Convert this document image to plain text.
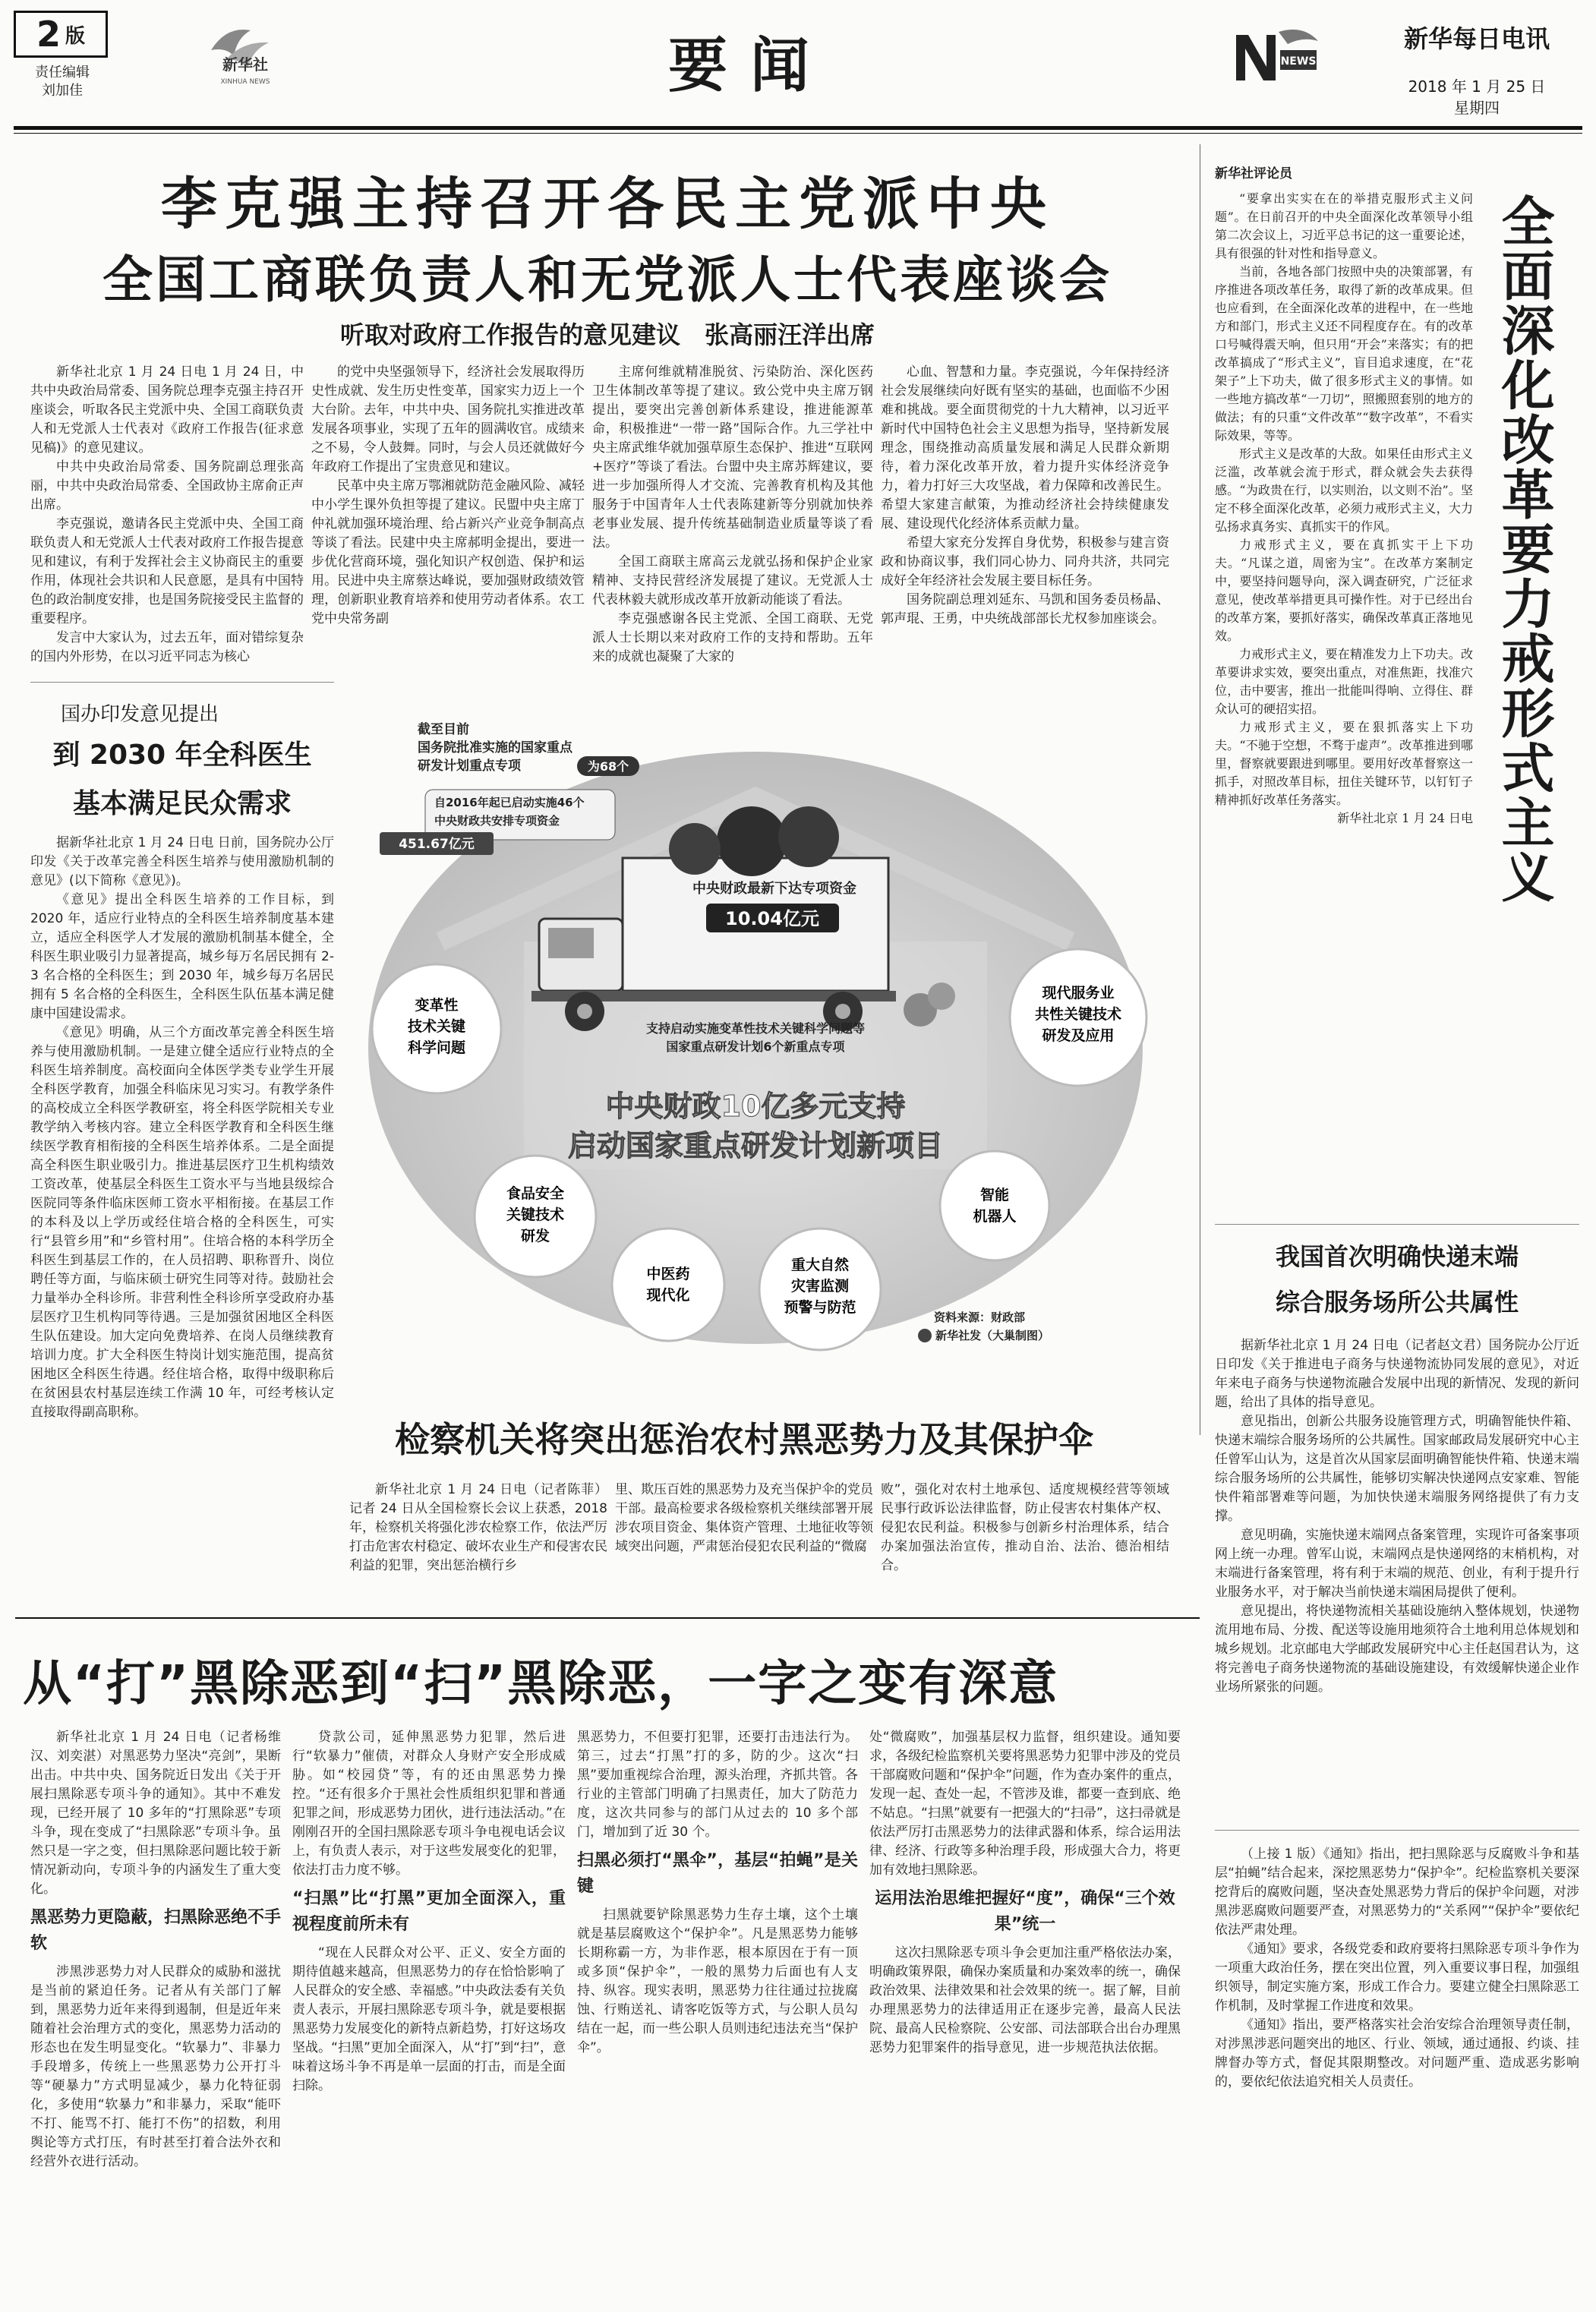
2 版
责任编辑
刘加佳
新华社
XINHUA NEWS	要闻	NEWS
新华每日电讯
2018 年 1 月 25 日
星期四
李克强主持召开各民主党派中央
全国工商联负责人和无党派人士代表座谈会
听取对政府工作报告的意见建议　张高丽汪洋出席

新华社北京 1 月 24 日电 1 月 24 日，中共中央政治局常委、国务院总理李克强主持召开座谈会，听取各民主党派中央、全国工商联负责人和无党派人士代表对《政府工作报告(征求意见稿)》的意见建议。

中共中央政治局常委、国务院副总理张高丽，中共中央政治局常委、全国政协主席俞正声出席。

李克强说，邀请各民主党派中央、全国工商联负责人和无党派人士代表对政府工作报告提意见和建议，有利于发挥社会主义协商民主的重要作用，体现社会共识和人民意愿，是具有中国特色的政治制度安排，也是国务院接受民主监督的重要程序。

发言中大家认为，过去五年，面对错综复杂的国内外形势，在以习近平同志为核心

的党中央坚强领导下，经济社会发展取得历史性成就、发生历史性变革，国家实力迈上一个大台阶。去年，中共中央、国务院扎实推进改革发展各项事业，实现了五年的圆满收官。成绩来之不易，令人鼓舞。同时，与会人员还就做好今年政府工作提出了宝贵意见和建议。

民革中央主席万鄂湘就防范金融风险、减轻中小学生课外负担等提了建议。民盟中央主席丁仲礼就加强环境治理、给占新兴产业竞争制高点等谈了看法。民建中央主席郝明金提出，要进一步优化营商环境，强化知识产权创造、保护和运用。民进中央主席蔡达峰说，要加强财政绩效管理，创新职业教育培养和使用劳动者体系。农工党中央常务副

主席何维就精准脱贫、污染防治、深化医药卫生体制改革等提了建议。致公党中央主席万钢提出，要突出完善创新体系建设，推进能源革命，积极推进“一带一路”国际合作。九三学社中央主席武维华就加强草原生态保护、推进“互联网+医疗”等谈了看法。台盟中央主席苏辉建议，要进一步加强所得人才交流、完善教育机构及其他服务于中国青年人士代表陈建新等分别就加快养老事业发展、提升传统基础制造业质量等谈了看法。

全国工商联主席高云龙就弘扬和保护企业家精神、支持民营经济发展提了建议。无党派人士代表林毅夫就形成改革开放新动能谈了看法。

李克强感谢各民主党派、全国工商联、无党派人士长期以来对政府工作的支持和帮助。五年来的成就也凝聚了大家的

心血、智慧和力量。李克强说，今年保持经济社会发展继续向好既有坚实的基础，也面临不少困难和挑战。要全面贯彻党的十九大精神，以习近平新时代中国特色社会主义思想为指导，坚持新发展理念，围绕推动高质量发展和满足人民群众新期待，着力深化改革开放，着力提升实体经济竞争力，着力打好三大攻坚战，着力保障和改善民生。希望大家建言献策，为推动经济社会持续健康发展、建设现代化经济体系贡献力量。

希望大家充分发挥自身优势，积极参与建言资政和协商议事，我们同心协力、同舟共济，共同完成好全年经济社会发展主要目标任务。

国务院副总理刘延东、马凯和国务委员杨晶、郭声琨、王勇，中央统战部部长尤权参加座谈会。

新华社评论员

“要拿出实实在在的举措克服形式主义问题”。在日前召开的中央全面深化改革领导小组第二次会议上，习近平总书记的这一重要论述，具有很强的针对性和指导意义。

当前，各地各部门按照中央的决策部署，有序推进各项改革任务，取得了新的改革成果。但也应看到，在全面深化改革的进程中，在一些地方和部门，形式主义还不同程度存在。有的改革口号喊得震天响，但只用“开会”来落实；有的把改革搞成了“形式主义”，盲目追求速度，在“花架子”上下功夫，做了很多形式主义的事情。如一些地方搞改革“一刀切”，照搬照套别的地方的做法；有的只重“文件改革”“数字改革”，不看实际效果，等等。

形式主义是改革的大敌。如果任由形式主义泛滥，改革就会流于形式，群众就会失去获得感。“为政贵在行，以实则治，以文则不治”。坚定不移全面深化改革，必须力戒形式主义，大力弘扬求真务实、真抓实干的作风。

力戒形式主义，要在真抓实干上下功夫。“凡谋之道，周密为宝”。在改革方案制定中，要坚持问题导向，深入调查研究，广泛征求意见，使改革举措更具可操作性。对于已经出台的改革方案，要抓好落实，确保改革真正落地见效。

力戒形式主义，要在精准发力上下功夫。改革要讲求实效，要突出重点，对准焦距，找准穴位，击中要害，推出一批能叫得响、立得住、群众认可的硬招实招。

力戒形式主义，要在狠抓落实上下功夫。“不驰于空想，不骛于虚声”。改革推进到哪里，督察就要跟进到哪里。要用好改革督察这一抓手，对照改革目标，扭住关键环节，以钉钉子精神抓好改革任务落实。

新华社北京 1 月 24 日电 全面深化改革要力戒形式主义
国办印发意见提出
到 2030 年全科医生
基本满足民众需求

据新华社北京 1 月 24 日电 日前，国务院办公厅印发《关于改革完善全科医生培养与使用激励机制的意见》(以下简称《意见》)。

《意见》提出全科医生培养的工作目标，到 2020 年，适应行业特点的全科医生培养制度基本建立，适应全科医学人才发展的激励机制基本健全，全科医生职业吸引力显著提高，城乡每万名居民拥有 2-3 名合格的全科医生；到 2030 年，城乡每万名居民拥有 5 名合格的全科医生，全科医生队伍基本满足健康中国建设需求。

《意见》明确，从三个方面改革完善全科医生培养与使用激励机制。一是建立健全适应行业特点的全科医生培养制度。高校面向全体医学类专业学生开展全科医学教育，加强全科临床见习实习。有教学条件的高校成立全科医学教研室，将全科医学院相关专业教学纳入考核内容。建立全科医学教育和全科医生继续医学教育相衔接的全科医生培养体系。二是全面提高全科医生职业吸引力。推进基层医疗卫生机构绩效工资改革，使基层全科医生工资水平与当地县级综合医院同等条件临床医师工资水平相衔接。在基层工作的本科及以上学历或经住培合格的全科医生，可实行“县管乡用”和“乡管村用”。住培合格的本科学历全科医生到基层工作的，在人员招聘、职称晋升、岗位聘任等方面，与临床硕士研究生同等对待。鼓励社会力量举办全科诊所。非营利性全科诊所享受政府办基层医疗卫生机构同等待遇。三是加强贫困地区全科医生队伍建设。加大定向免费培养、在岗人员继续教育培训力度。扩大全科医生特岗计划实施范围，提高贫困地区全科医生待遇。经住培合格，取得中级职称后在贫困县农村基层连续工作满 10 年，可经考核认定直接取得副高职称。

截至目前
国务院批准实施的国家重点
研发计划重点专项	为68个
自2016年起已启动实施46个
中央财政共安排专项资金
451.67亿元
中央财政最新下达专项资金
10.04亿元
支持启动实施变革性技术关键科学问题等
国家重点研发计划6个新重点专项
中央财政10亿多元支持
启动国家重点研发计划新项目
变革性
技术关键
科学问题
现代服务业
共性关键技术
研发及应用
食品安全
关键技术
研发
中医药
现代化
重大自然
灾害监测
预警与防范
智能
机器人
资料来源：财政部
新华社发（大巢制图）
检察机关将突出惩治农村黑恶势力及其保护伞

新华社北京 1 月 24 日电（记者陈菲）记者 24 日从全国检察长会议上获悉，2018 年，检察机关将强化涉农检察工作，依法严厉打击危害农村稳定、破坏农业生产和侵害农民利益的犯罪，突出惩治横行乡

里、欺压百姓的黑恶势力及充当保护伞的党员干部。最高检要求各级检察机关继续部署开展涉农项目资金、集体资产管理、土地征收等领域突出问题，严肃惩治侵犯农民利益的“微腐

败”，强化对农村土地承包、适度规模经营等领域民事行政诉讼法律监督，防止侵害农村集体产权、侵犯农民利益。积极参与创新乡村治理体系，结合办案加强法治宣传，推动自治、法治、德治相结合。

我国首次明确快递末端
综合服务场所公共属性

据新华社北京 1 月 24 日电（记者赵文君）国务院办公厅近日印发《关于推进电子商务与快递物流协同发展的意见》，对近年来电子商务与快递物流融合发展中出现的新情况、发现的新问题，给出了具体的指导意见。

意见指出，创新公共服务设施管理方式，明确智能快件箱、快递末端综合服务场所的公共属性。国家邮政局发展研究中心主任曾军山认为，这是首次从国家层面明确智能快件箱、快递末端综合服务场所的公共属性，能够切实解决快递网点安家难、智能快件箱部署难等问题，为加快快递末端服务网络提供了有力支撑。

意见明确，实施快递末端网点备案管理，实现许可备案事项网上统一办理。曾军山说，末端网点是快递网络的末梢机构，对末端进行备案管理，将有利于末端的规范、创业，有利于提升行业服务水平，对于解决当前快递末端困局提供了便利。

意见提出，将快递物流相关基础设施纳入整体规划，快递物流用地布局、分拨、配送等设施用地须符合土地利用总体规划和城乡规划。北京邮电大学邮政发展研究中心主任赵国君认为，这将完善电子商务快递物流的基础设施建设，有效缓解快递企业作业场所紧张的问题。

从“打”黑除恶到“扫”黑除恶，一字之变有深意

新华社北京 1 月 24 日电（记者杨维汉、刘奕湛）对黑恶势力坚决“亮剑”，果断出击。中共中央、国务院近日发出《关于开展扫黑除恶专项斗争的通知》。其中不难发现，已经开展了 10 多年的“打黑除恶”专项斗争，现在变成了“扫黑除恶”专项斗争。虽然只是一字之变，但扫黑除恶问题比较于新情况新动向，专项斗争的内涵发生了重大变化。

黑恶势力更隐蔽，扫黑除恶绝不手软

涉黑涉恶势力对人民群众的威胁和滋扰是当前的紧迫任务。记者从有关部门了解到，黑恶势力近年来得到遏制，但是近年来随着社会治理方式的变化，黑恶势力活动的形态也在发生明显变化。“软暴力”、非暴力手段增多，传统上一些黑恶势力公开打斗等“硬暴力”方式明显减少，暴力化特征弱化，多使用“软暴力”和非暴力，采取“能吓不打、能骂不打、能打不伤”的招数，利用舆论等方式打压，有时甚至打着合法外衣和经营外衣进行活动。

贷款公司，延伸黑恶势力犯罪，然后进行“软暴力”催债，对群众人身财产安全形成威胁。如“校园贷”等，有的还由黑恶势力操控。“还有很多介于黑社会性质组织犯罪和普通犯罪之间，形成恶势力团伙，进行违法活动。”在刚刚召开的全国扫黑除恶专项斗争电视电话会议上，有负责人表示，对于这些发展变化的犯罪，依法打击力度不够。

“扫黑”比“打黑”更加全面深入，重视程度前所未有

“现在人民群众对公平、正义、安全方面的期待值越来越高，但黑恶势力的存在恰恰影响了人民群众的安全感、幸福感。”中央政法委有关负责人表示，开展扫黑除恶专项斗争，就是要根据黑恶势力发展变化的新特点新趋势，打好这场攻坚战。“扫黑”更加全面深入，从“打”到“扫”，意味着这场斗争不再是单一层面的打击，而是全面扫除。

黑恶势力，不但要打犯罪，还要打击违法行为。第三，过去“打黑”打的多，防的少。这次“扫黑”要加重视综合治理，源头治理，齐抓共管。各行业的主管部门明确了扫黑责任，加大了防范力度，这次共同参与的部门从过去的 10 多个部门，增加到了近 30 个。

扫黑必须打“黑伞”，基层“拍蝇”是关键

扫黑就要铲除黑恶势力生存土壤，这个土壤就是基层腐败这个“保护伞”。凡是黑恶势力能够长期称霸一方，为非作恶，根本原因在于有一顶或多顶“保护伞”，一般的黑势力后面也有人支持、纵容。现实表明，黑恶势力往往通过拉拢腐蚀、行贿送礼、请客吃饭等方式，与公职人员勾结在一起，而一些公职人员则违纪违法充当“保护伞”。

处“微腐败”，加强基层权力监督，组织建设。通知要求，各级纪检监察机关要将黑恶势力犯罪中涉及的党员干部腐败问题和“保护伞”问题，作为查办案件的重点，发现一起、查处一起，不管涉及谁，都要一查到底、绝不姑息。“扫黑”就要有一把强大的“扫帚”，这扫帚就是依法严厉打击黑恶势力的法律武器和体系，综合运用法律、经济、行政等多种治理手段，形成强大合力，将更加有效地扫黑除恶。

运用法治思维把握好“度”，确保“三个效果”统一

这次扫黑除恶专项斗争会更加注重严格依法办案，明确政策界限，确保办案质量和办案效率的统一，确保政治效果、法律效果和社会效果的统一。据了解，目前办理黑恶势力的法律适用正在逐步完善，最高人民法院、最高人民检察院、公安部、司法部联合出台办理黑恶势力犯罪案件的指导意见，进一步规范执法依据。

（上接 1 版）《通知》指出，把扫黑除恶与反腐败斗争和基层“拍蝇”结合起来，深挖黑恶势力“保护伞”。纪检监察机关要深挖背后的腐败问题，坚决查处黑恶势力背后的保护伞问题，对涉黑涉恶腐败问题要严查，对黑恶势力的“关系网”“保护伞”要依纪依法严肃处理。

《通知》要求，各级党委和政府要将扫黑除恶专项斗争作为一项重大政治任务，摆在突出位置，列入重要议事日程，加强组织领导，制定实施方案，形成工作合力。要建立健全扫黑除恶工作机制，及时掌握工作进度和效果。

《通知》指出，要严格落实社会治安综合治理领导责任制，对涉黑涉恶问题突出的地区、行业、领域，通过通报、约谈、挂牌督办等方式，督促其限期整改。对问题严重、造成恶劣影响的，要依纪依法追究相关人员责任。
